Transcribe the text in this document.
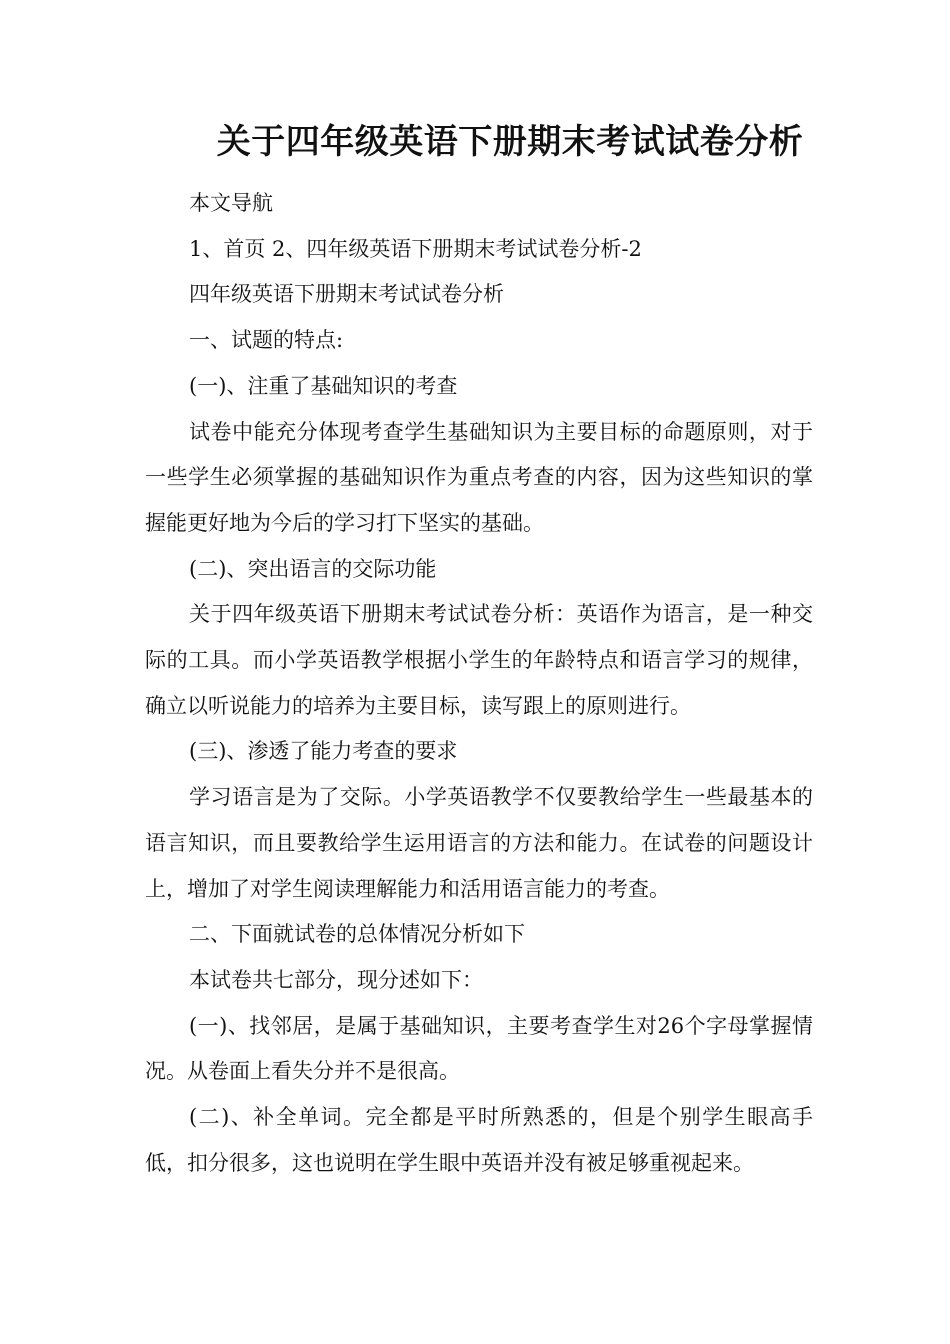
关于四年级英语下册期末考试试卷分析

本文导航

1、首页 2、四年级英语下册期末考试试卷分析-2

四年级英语下册期末考试试卷分析

一、试题的特点:

(一)、注重了基础知识的考查

试卷中能充分体现考查学生基础知识为主要目标的命题原则，对于一些学生必须掌握的基础知识作为重点考查的内容，因为这些知识的掌握能更好地为今后的学习打下坚实的基础。

(二)、突出语言的交际功能

关于四年级英语下册期末考试试卷分析：英语作为语言，是一种交际的工具。而小学英语教学根据小学生的年龄特点和语言学习的规律，确立以听说能力的培养为主要目标，读写跟上的原则进行。

(三)、渗透了能力考查的要求

学习语言是为了交际。小学英语教学不仅要教给学生一些最基本的语言知识，而且要教给学生运用语言的方法和能力。在试卷的问题设计上，增加了对学生阅读理解能力和活用语言能力的考查。

二、下面就试卷的总体情况分析如下

本试卷共七部分，现分述如下：

(一)、找邻居，是属于基础知识，主要考查学生对26个字母掌握情况。从卷面上看失分并不是很高。

(二)、补全单词。完全都是平时所熟悉的，但是个别学生眼高手低，扣分很多，这也说明在学生眼中英语并没有被足够重视起来。
